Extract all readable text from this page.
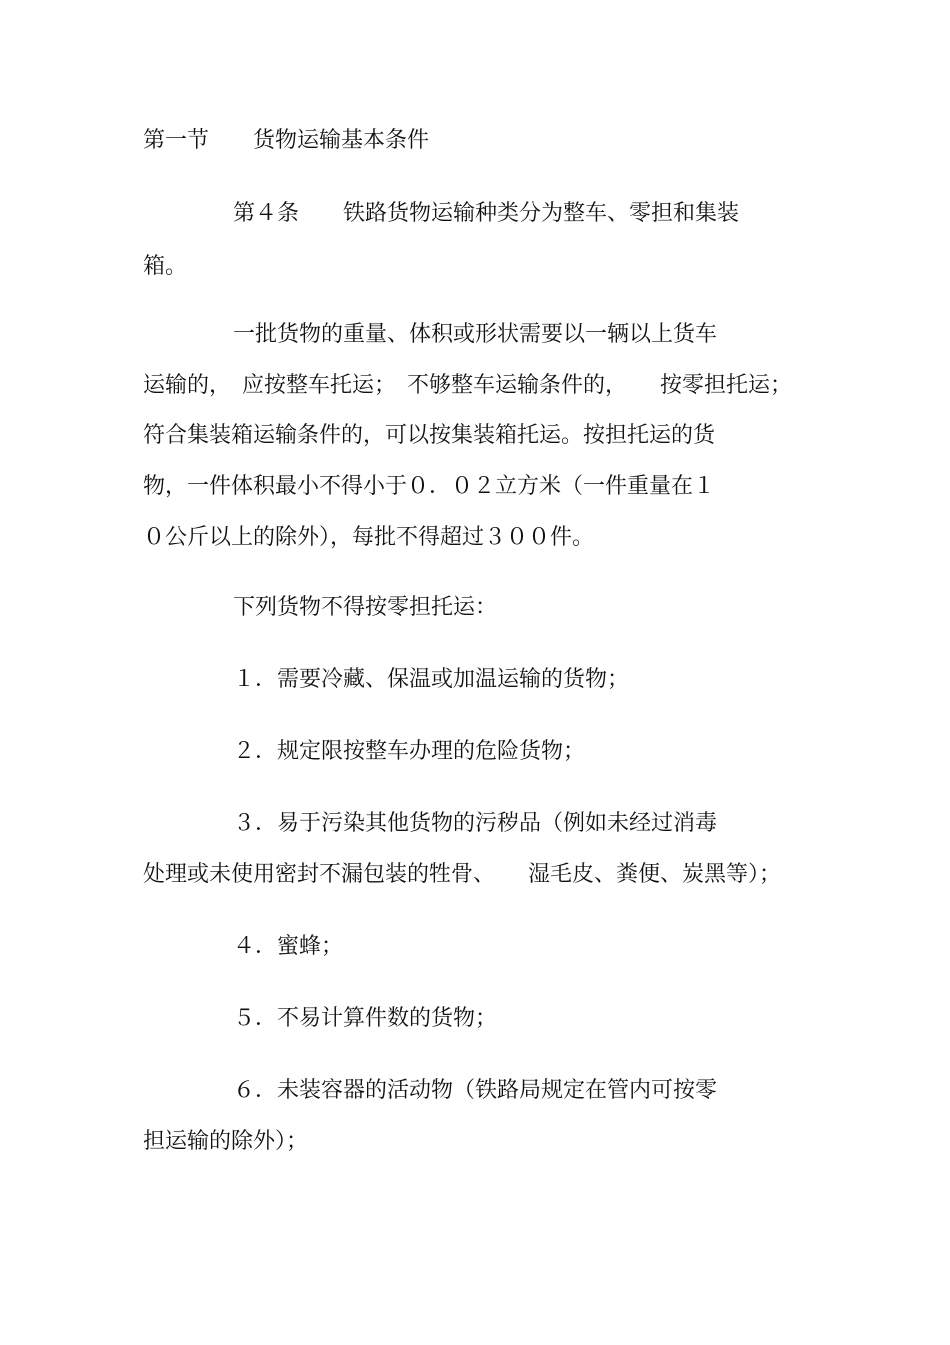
第一节　　货物运输基本条件

第４条　　铁路货物运输种类分为整车、零担和集装

箱。

一批货物的重量、体积或形状需要以一辆以上货车

运输的，　应按整车托运；　不够整车运输条件的，　　按零担托运；

符合集装箱运输条件的，可以按集装箱托运。按担托运的货

物，一件体积最小不得小于０．０２立方米（一件重量在１

０公斤以上的除外），每批不得超过３００件。

下列货物不得按零担托运：

１．需要冷藏、保温或加温运输的货物；

２．规定限按整车办理的危险货物；

３．易于污染其他货物的污秽品（例如未经过消毒

处理或未使用密封不漏包装的牲骨、　　湿毛皮、粪便、炭黑等）；

４．蜜蜂；

５．不易计算件数的货物；

６．未装容器的活动物（铁路局规定在管内可按零

担运输的除外）；
